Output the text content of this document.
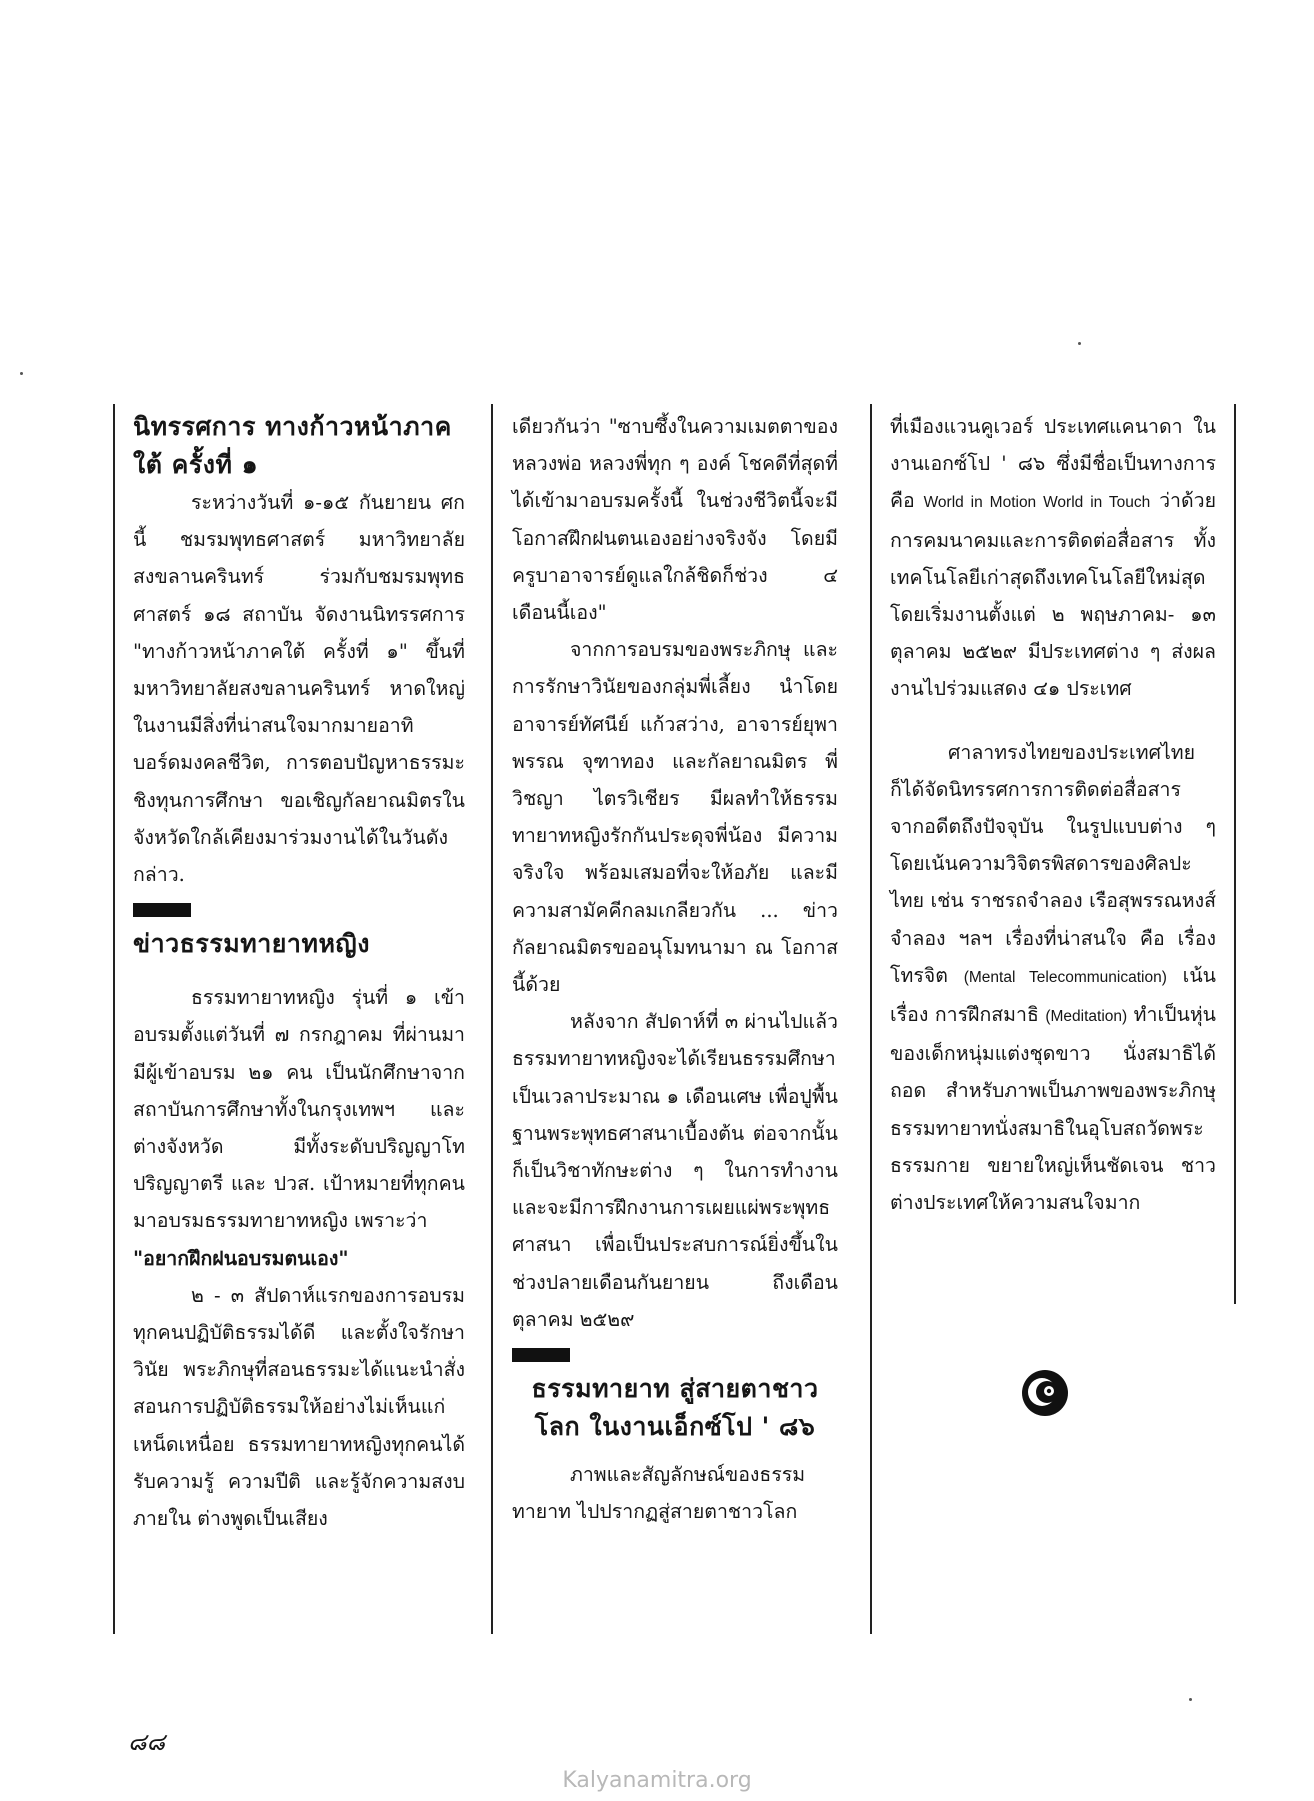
นิทรรศการ ทางก้าวหน้าภาคใต้ ครั้งที่ ๑

ระหว่างวันที่ ๑-๑๕ กันยายน ศกนี้ ชมรมพุทธศาสตร์ มหาวิทยาลัยสงขลานครินทร์ ร่วมกับชมรมพุทธศาสตร์ ๑๘ สถาบัน จัดงานนิทรรศการ "ทางก้าวหน้าภาคใต้ ครั้งที่ ๑" ขึ้นที่มหาวิทยาลัยสงขลานครินทร์ หาดใหญ่ ในงานมีสิ่งที่น่าสนใจมากมายอาทิ บอร์ดมงคลชีวิต, การตอบปัญหาธรรมะชิงทุนการศึกษา ขอเชิญกัลยาณมิตรในจังหวัดใกล้เคียงมาร่วมงานได้ในวันดังกล่าว.

ข่าวธรรมทายาทหญิง

ธรรมทายาทหญิง รุ่นที่ ๑ เข้าอบรมตั้งแต่วันที่ ๗ กรกฎาคม ที่ผ่านมา มีผู้เข้าอบรม ๒๑ คน เป็นนักศึกษาจากสถาบันการศึกษาทั้งในกรุงเทพฯ และต่างจังหวัด มีทั้งระดับปริญญาโท ปริญญาตรี และ ปวส. เป้าหมายที่ทุกคนมาอบรมธรรมทายาทหญิง เพราะว่า

"อยากฝึกฝนอบรมตนเอง"

๒ - ๓ สัปดาห์แรกของการอบรม ทุกคนปฏิบัติธรรมได้ดี และตั้งใจรักษาวินัย พระภิกษุที่สอนธรรมะได้แนะนำสั่งสอนการปฏิบัติธรรมให้อย่างไม่เห็นแก่เหน็ดเหนื่อย ธรรมทายาทหญิงทุกคนได้รับความรู้ ความปีติ และรู้จักความสงบภายใน ต่างพูดเป็นเสียง

เดียวกันว่า "ซาบซึ้งในความเมตตาของหลวงพ่อ หลวงพี่ทุก ๆ องค์ โชคดีที่สุดที่ได้เข้ามาอบรมครั้งนี้ ในช่วงชีวิตนี้จะมีโอกาสฝึกฝนตนเองอย่างจริงจัง โดยมีครูบาอาจารย์ดูแลใกล้ชิดก็ช่วง ๔ เดือนนี้เอง"

จากการอบรมของพระภิกษุ และการรักษาวินัยของกลุ่มพี่เลี้ยง นำโดย อาจารย์ทัศนีย์ แก้วสว่าง, อาจารย์ยุพาพรรณ จุฑาทอง และกัลยาณมิตร พี่วิชญา ไตรวิเชียร มีผลทำให้ธรรมทายาทหญิงรักกันประดุจพี่น้อง มีความจริงใจ พร้อมเสมอที่จะให้อภัย และมีความสามัคคีกลมเกลียวกัน ... ข่าวกัลยาณมิตรขออนุโมทนามา ณ โอกาสนี้ด้วย

หลังจาก สัปดาห์ที่ ๓ ผ่านไปแล้ว ธรรมทายาทหญิงจะได้เรียนธรรมศึกษาเป็นเวลาประมาณ ๑ เดือนเศษ เพื่อปูพื้นฐานพระพุทธศาสนาเบื้องต้น ต่อจากนั้นก็เป็นวิชาทักษะต่าง ๆ ในการทำงานและจะมีการฝึกงานการเผยแผ่พระพุทธศาสนา เพื่อเป็นประสบการณ์ยิ่งขึ้นในช่วงปลายเดือนกันยายน ถึงเดือนตุลาคม ๒๕๒๙

ธรรมทายาท สู่สายตาชาวโลก ในงานเอ็กซ์โป ' ๘๖

ภาพและสัญลักษณ์ของธรรมทายาท ไปปรากฏสู่สายตาชาวโลก

ที่เมืองแวนคูเวอร์ ประเทศแคนาดา ในงานเอกซ์โป ' ๘๖ ซึ่งมีชื่อเป็นทางการคือ World in Motion World in Touch ว่าด้วย การคมนาคมและการติดต่อสื่อสาร ทั้งเทคโนโลยีเก่าสุดถึงเทคโนโลยีใหม่สุด โดยเริ่มงานตั้งแต่ ๒ พฤษภาคม- ๑๓ ตุลาคม ๒๕๒๙ มีประเทศต่าง ๆ ส่งผลงานไปร่วมแสดง ๔๑ ประเทศ

ศาลาทรงไทยของประเทศไทยก็ได้จัดนิทรรศการการติดต่อสื่อสาร จากอดีตถึงปัจจุบัน ในรูปแบบต่าง ๆ โดยเน้นความวิจิตรพิสดารของศิลปะไทย เช่น ราชรถจำลอง เรือสุพรรณหงส์จำลอง ฯลฯ เรื่องที่น่าสนใจ คือ เรื่อง โทรจิต (Mental Telecommunication) เน้นเรื่อง การฝึกสมาธิ (Meditation) ทำเป็นหุ่นของเด็กหนุ่มแต่งชุดขาว นั่งสมาธิได้ถอด สำหรับภาพเป็นภาพของพระภิกษุธรรมทายาทนั่งสมาธิในอุโบสถวัดพระธรรมกาย ขยายใหญ่เห็นชัดเจน ชาวต่างประเทศให้ความสนใจมาก

๘๘
Kalyanamitra.org
